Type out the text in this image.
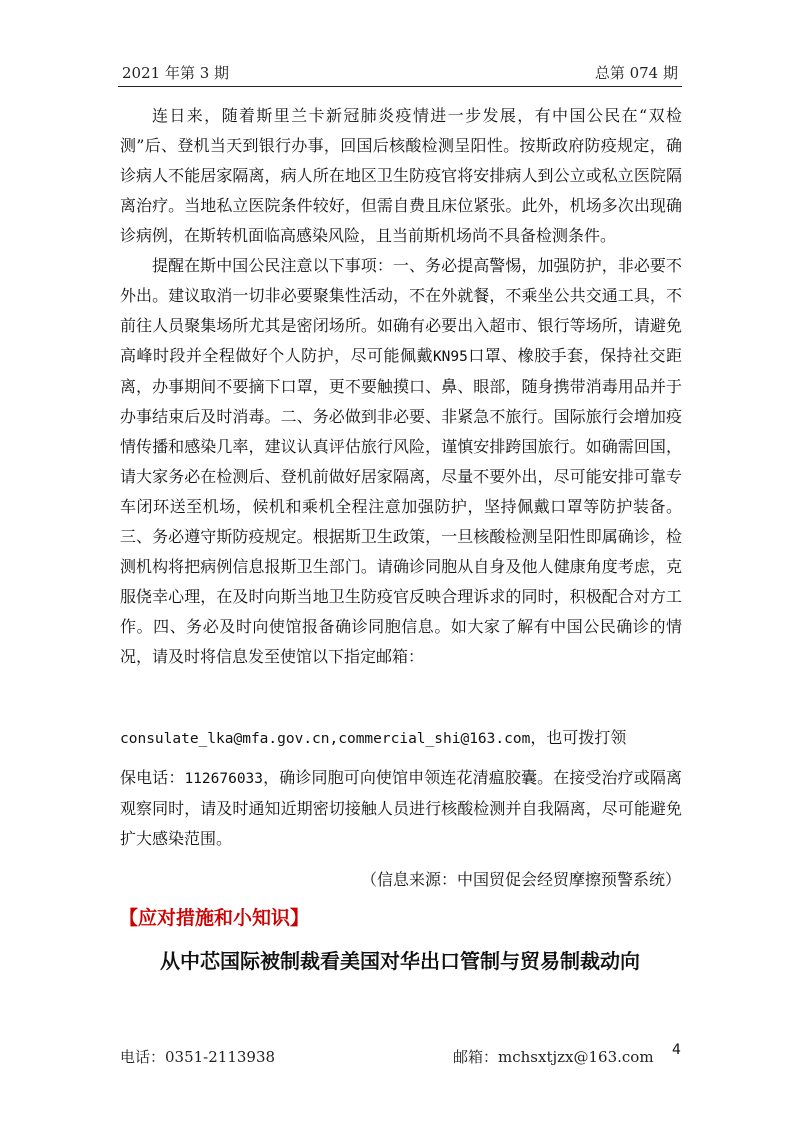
2021 年第 3 期	总第 074 期

连日来，随着斯里兰卡新冠肺炎疫情进一步发展，有中国公民在“双检测”后、登机当天到银行办事，回国后核酸检测呈阳性。按斯政府防疫规定，确诊病人不能居家隔离，病人所在地区卫生防疫官将安排病人到公立或私立医院隔离治疗。当地私立医院条件较好，但需自费且床位紧张。此外，机场多次出现确诊病例，在斯转机面临高感染风险，且当前斯机场尚不具备检测条件。

提醒在斯中国公民注意以下事项：一、务必提高警惕，加强防护，非必要不外出。建议取消一切非必要聚集性活动，不在外就餐，不乘坐公共交通工具，不前往人员聚集场所尤其是密闭场所。如确有必要出入超市、银行等场所，请避免高峰时段并全程做好个人防护，尽可能佩戴KN95口罩、橡胶手套，保持社交距离，办事期间不要摘下口罩，更不要触摸口、鼻、眼部，随身携带消毒用品并于办事结束后及时消毒。二、务必做到非必要、非紧急不旅行。国际旅行会增加疫情传播和感染几率，建议认真评估旅行风险，谨慎安排跨国旅行。如确需回国，请大家务必在检测后、登机前做好居家隔离，尽量不要外出，尽可能安排可靠专车闭环送至机场，候机和乘机全程注意加强防护，坚持佩戴口罩等防护装备。三、务必遵守斯防疫规定。根据斯卫生政策，一旦核酸检测呈阳性即属确诊，检测机构将把病例信息报斯卫生部门。请确诊同胞从自身及他人健康角度考虑，克服侥幸心理，在及时向斯当地卫生防疫官反映合理诉求的同时，积极配合对方工作。四、务必及时向使馆报备确诊同胞信息。如大家了解有中国公民确诊的情况，请及时将信息发至使馆以下指定邮箱：

consulate_lka@mfa.gov.cn,commercial_shi@163.com，也可拨打领
保电话：112676033，确诊同胞可向使馆申领连花清瘟胶囊。在接受治疗或隔离观察同时，请及时通知近期密切接触人员进行核酸检测并自我隔离，尽可能避免扩大感染范围。
（信息来源：中国贸促会经贸摩擦预警系统）
【应对措施和小知识】
从中芯国际被制裁看美国对华出口管制与贸易制裁动向
电话：0351-2113938	邮箱：mchsxtjzx@163.com 4
